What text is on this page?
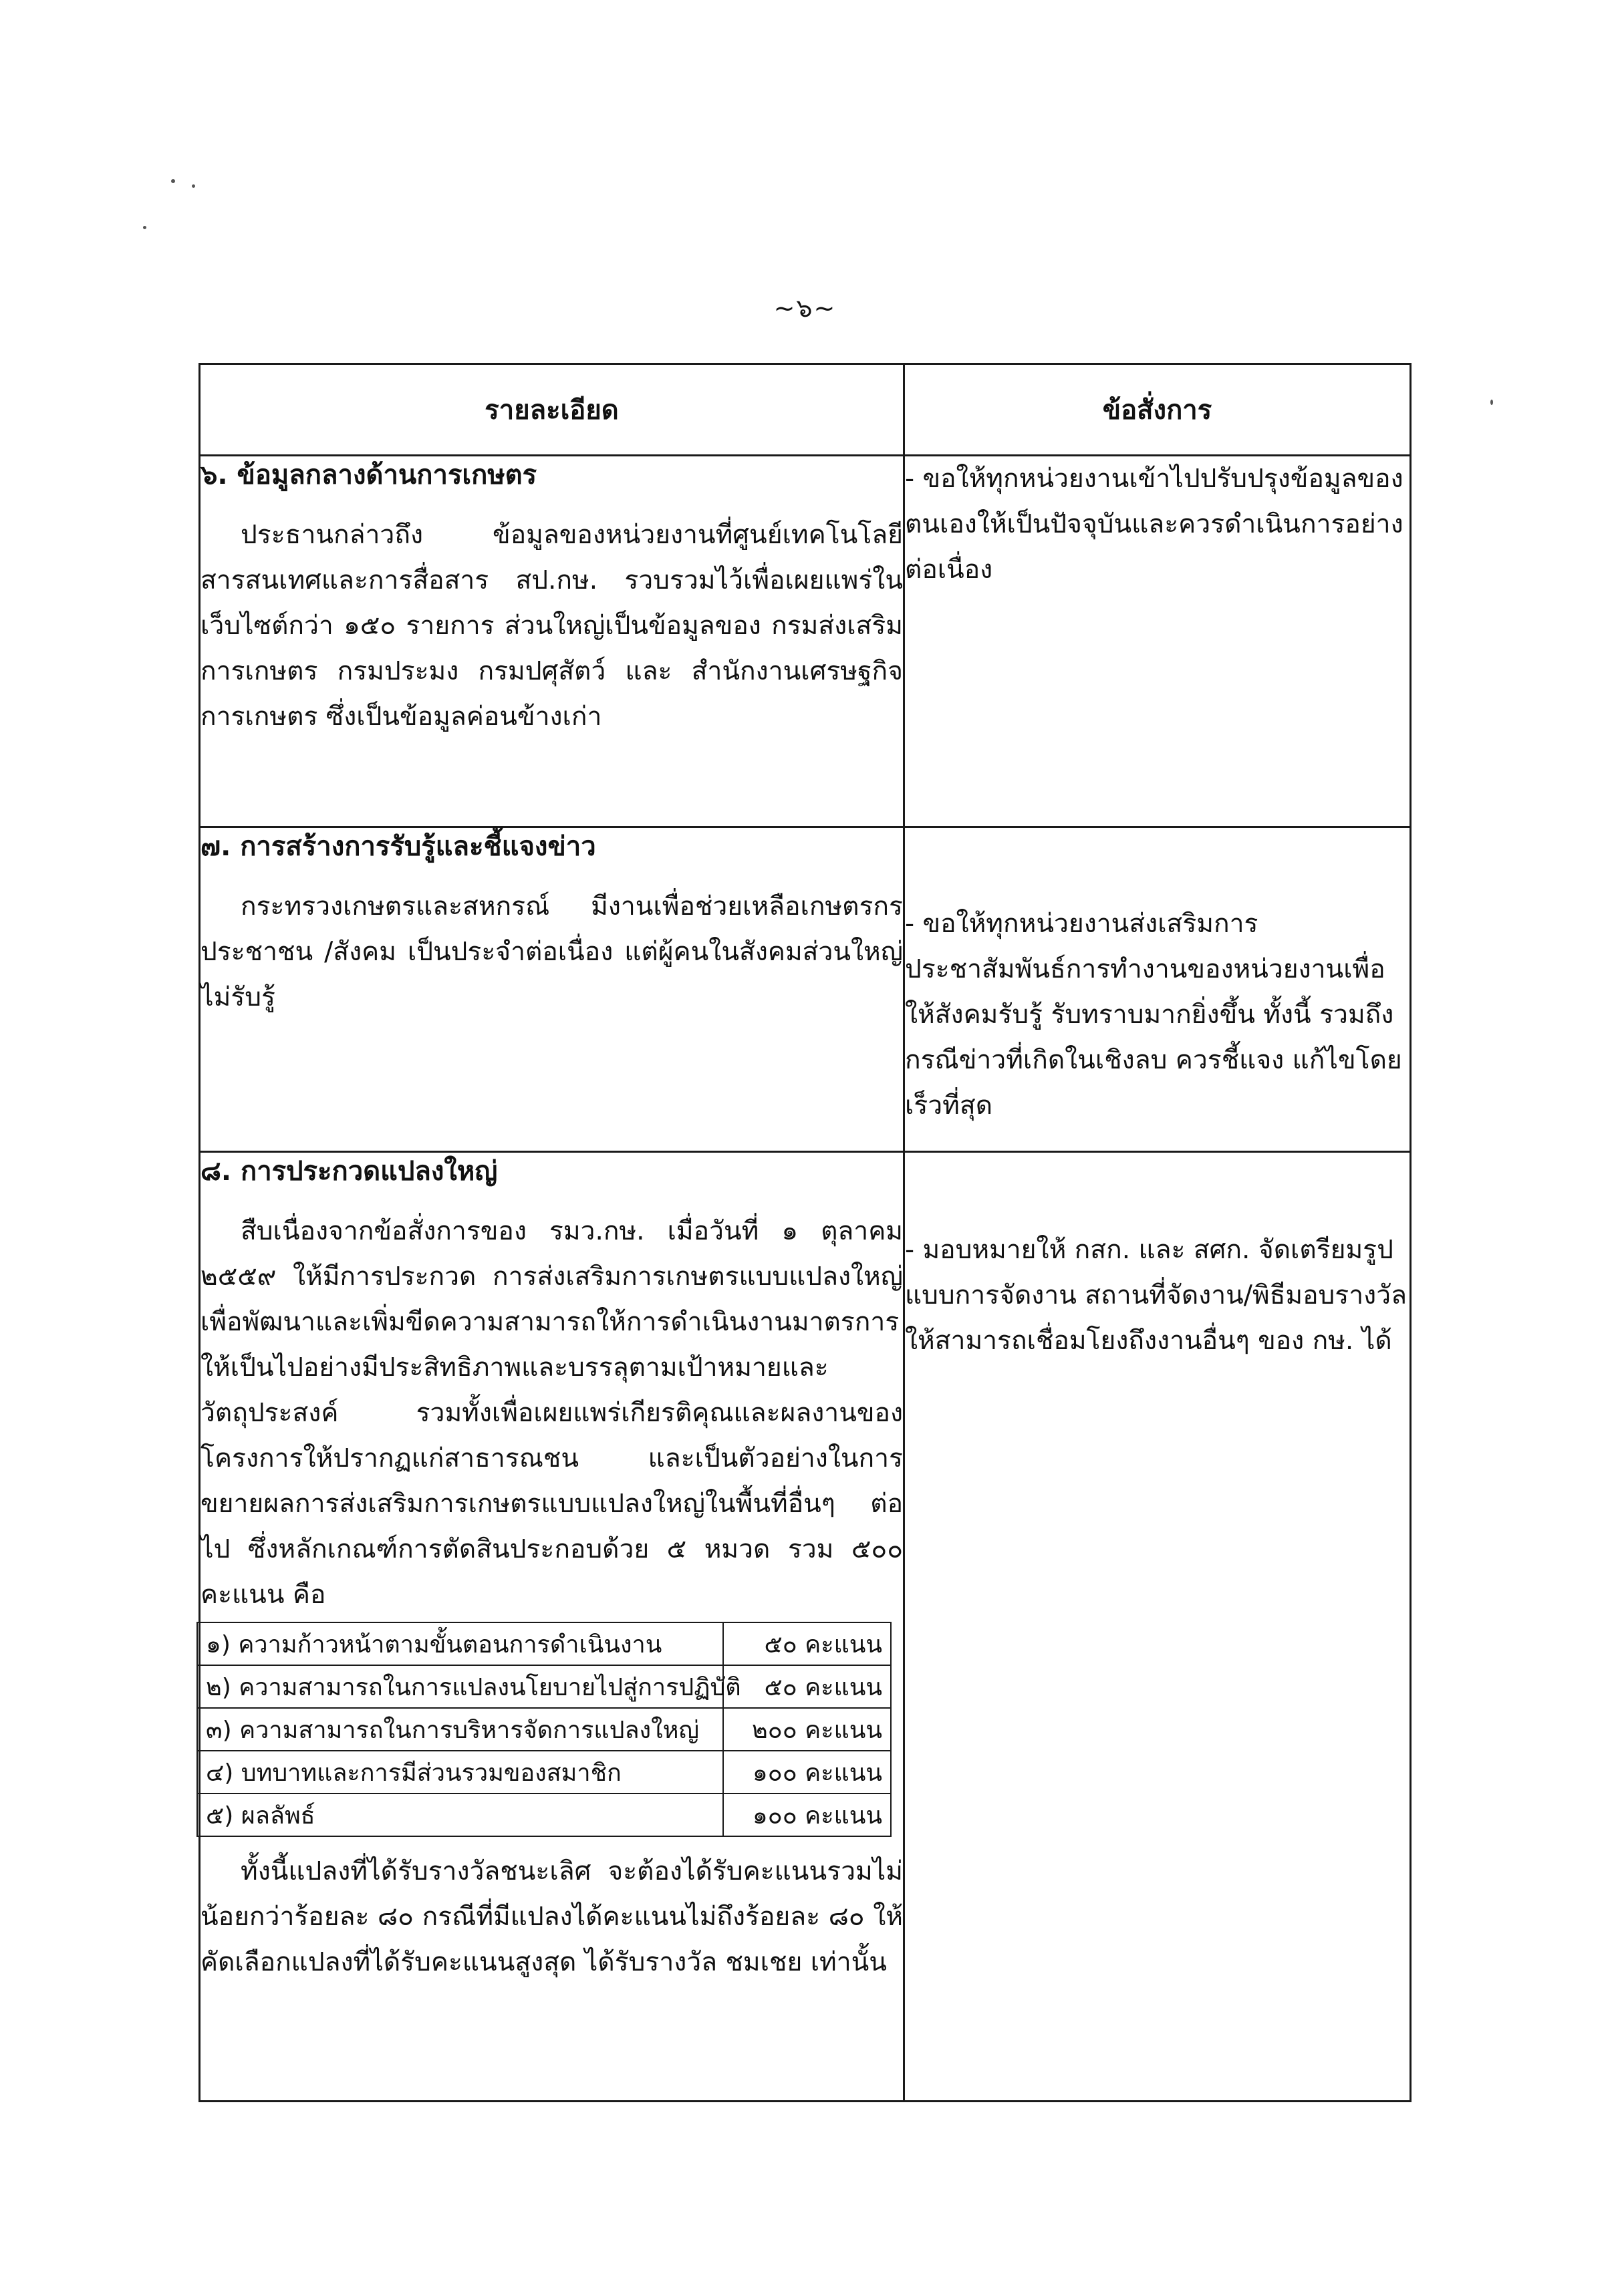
~๖~
รายละเอียด	ข้อสั่งการ

๖. ข้อมูลกลางด้านการเกษตร

ประธานกล่าวถึง ข้อมูลของหน่วยงานที่ศูนย์เทคโนโลยีสารสนเทศและการสื่อสาร สป.กษ. รวบรวมไว้เพื่อเผยแพร่ในเว็บไซต์กว่า ๑๕๐ รายการ ส่วนใหญ่เป็นข้อมูลของ กรมส่งเสริมการเกษตร กรมประมง กรมปศุสัตว์ และ สำนักงานเศรษฐกิจการเกษตร ซึ่งเป็นข้อมูลค่อนข้างเก่า

- ขอให้ทุกหน่วยงานเข้าไปปรับปรุงข้อมูลของตนเองให้เป็นปัจจุบันและควรดำเนินการอย่างต่อเนื่อง

๗. การสร้างการรับรู้และชี้แจงข่าว

กระทรวงเกษตรและสหกรณ์ มีงานเพื่อช่วยเหลือเกษตรกร ประชาชน /สังคม เป็นประจำต่อเนื่อง แต่ผู้คนในสังคมส่วนใหญ่ไม่รับรู้

- ขอให้ทุกหน่วยงานส่งเสริมการประชาสัมพันธ์การทำงานของหน่วยงานเพื่อให้สังคมรับรู้ รับทราบมากยิ่งขึ้น ทั้งนี้ รวมถึงกรณีข่าวที่เกิดในเชิงลบ ควรชี้แจง แก้ไขโดยเร็วที่สุด

๘. การประกวดแปลงใหญ่

สืบเนื่องจากข้อสั่งการของ รมว.กษ. เมื่อวันที่ ๑ ตุลาคม ๒๕๕๙ ให้มีการประกวด การส่งเสริมการเกษตรแบบแปลงใหญ่ เพื่อพัฒนาและเพิ่มขีดความสามารถให้การดำเนินงานมาตรการให้เป็นไปอย่างมีประสิทธิภาพและบรรลุตามเป้าหมายและวัตถุประสงค์ รวมทั้งเพื่อเผยแพร่เกียรติคุณและผลงานของโครงการให้ปรากฏแก่สาธารณชน และเป็นตัวอย่างในการ ขยายผลการส่งเสริมการเกษตรแบบแปลงใหญ่ในพื้นที่อื่นๆ ต่อไป ซึ่งหลักเกณฑ์การตัดสินประกอบด้วย ๕ หมวด รวม ๕๐๐ คะแนน คือ

๑) ความก้าวหน้าตามขั้นตอนการดำเนินงาน	๕๐ คะแนน
๒) ความสามารถในการแปลงนโยบายไปสู่การปฏิบัติ	๕๐ คะแนน
๓) ความสามารถในการบริหารจัดการแปลงใหญ่	๒๐๐ คะแนน
๔) บทบาทและการมีส่วนรวมของสมาชิก	๑๐๐ คะแนน
๕) ผลลัพธ์	๑๐๐ คะแนน

ทั้งนี้แปลงที่ได้รับรางวัลชนะเลิศ จะต้องได้รับคะแนนรวมไม่น้อยกว่าร้อยละ ๘๐ กรณีที่มีแปลงได้คะแนนไม่ถึงร้อยละ ๘๐ ให้คัดเลือกแปลงที่ได้รับคะแนนสูงสุด ได้รับรางวัล ชมเชย เท่านั้น

- มอบหมายให้ กสก. และ สศก. จัดเตรียมรูปแบบการจัดงาน สถานที่จัดงาน/พิธีมอบรางวัล ให้สามารถเชื่อมโยงถึงงานอื่นๆ ของ กษ. ได้
